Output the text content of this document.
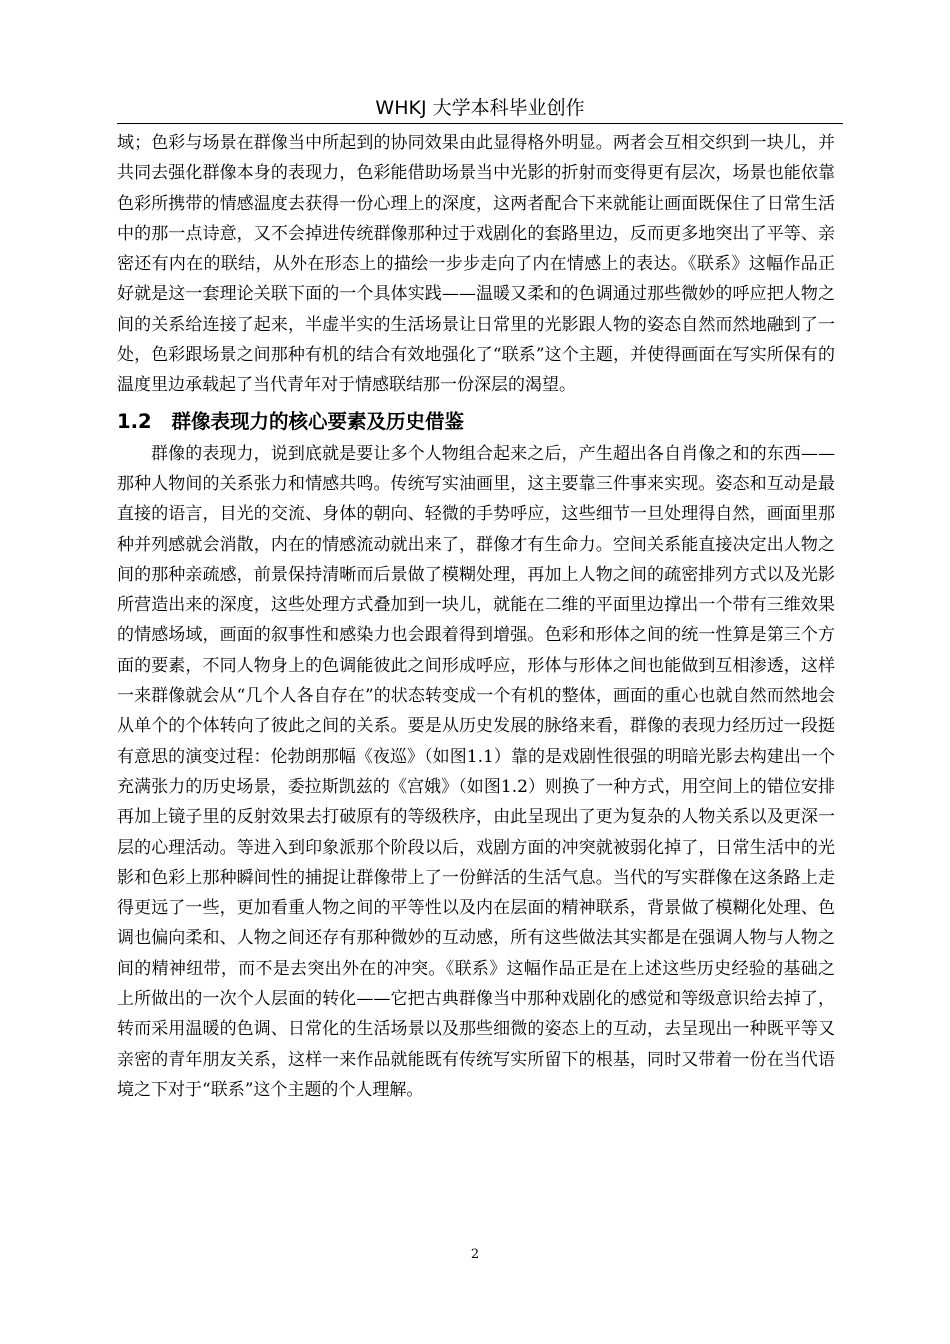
WHKJ 大学本科毕业创作

域；色彩与场景在群像当中所起到的协同效果由此显得格外明显。两者会互相交织到一块儿，并共同去强化群像本身的表现力，色彩能借助场景当中光影的折射而变得更有层次，场景也能依靠色彩所携带的情感温度去获得一份心理上的深度，这两者配合下来就能让画面既保住了日常生活中的那一点诗意，又不会掉进传统群像那种过于戏剧化的套路里边，反而更多地突出了平等、亲密还有内在的联结，从外在形态上的描绘一步步走向了内在情感上的表达。《联系》这幅作品正好就是这一套理论关联下面的一个具体实践——温暖又柔和的色调通过那些微妙的呼应把人物之间的关系给连接了起来，半虚半实的生活场景让日常里的光影跟人物的姿态自然而然地融到了一处，色彩跟场景之间那种有机的结合有效地强化了“联系”这个主题，并使得画面在写实所保有的温度里边承载起了当代青年对于情感联结那一份深层的渴望。

1.2 群像表现力的核心要素及历史借鉴

群像的表现力，说到底就是要让多个人物组合起来之后，产生超出各自肖像之和的东西——那种人物间的关系张力和情感共鸣。传统写实油画里，这主要靠三件事来实现。姿态和互动是最直接的语言，目光的交流、身体的朝向、轻微的手势呼应，这些细节一旦处理得自然，画面里那种并列感就会消散，内在的情感流动就出来了，群像才有生命力。空间关系能直接决定出人物之间的那种亲疏感，前景保持清晰而后景做了模糊处理，再加上人物之间的疏密排列方式以及光影所营造出来的深度，这些处理方式叠加到一块儿，就能在二维的平面里边撑出一个带有三维效果的情感场域，画面的叙事性和感染力也会跟着得到增强。色彩和形体之间的统一性算是第三个方面的要素，不同人物身上的色调能彼此之间形成呼应，形体与形体之间也能做到互相渗透，这样一来群像就会从“几个人各自存在”的状态转变成一个有机的整体，画面的重心也就自然而然地会从单个的个体转向了彼此之间的关系。要是从历史发展的脉络来看，群像的表现力经历过一段挺有意思的演变过程：伦勃朗那幅《夜巡》（如图1.1）靠的是戏剧性很强的明暗光影去构建出一个充满张力的历史场景，委拉斯凯兹的《宫娥》（如图1.2）则换了一种方式，用空间上的错位安排再加上镜子里的反射效果去打破原有的等级秩序，由此呈现出了更为复杂的人物关系以及更深一层的心理活动。等进入到印象派那个阶段以后，戏剧方面的冲突就被弱化掉了，日常生活中的光影和色彩上那种瞬间性的捕捉让群像带上了一份鲜活的生活气息。当代的写实群像在这条路上走得更远了一些，更加看重人物之间的平等性以及内在层面的精神联系，背景做了模糊化处理、色调也偏向柔和、人物之间还存有那种微妙的互动感，所有这些做法其实都是在强调人物与人物之间的精神纽带，而不是去突出外在的冲突。《联系》这幅作品正是在上述这些历史经验的基础之上所做出的一次个人层面的转化——它把古典群像当中那种戏剧化的感觉和等级意识给去掉了，转而采用温暖的色调、日常化的生活场景以及那些细微的姿态上的互动，去呈现出一种既平等又亲密的青年朋友关系，这样一来作品就能既有传统写实所留下的根基，同时又带着一份在当代语境之下对于“联系”这个主题的个人理解。

2
